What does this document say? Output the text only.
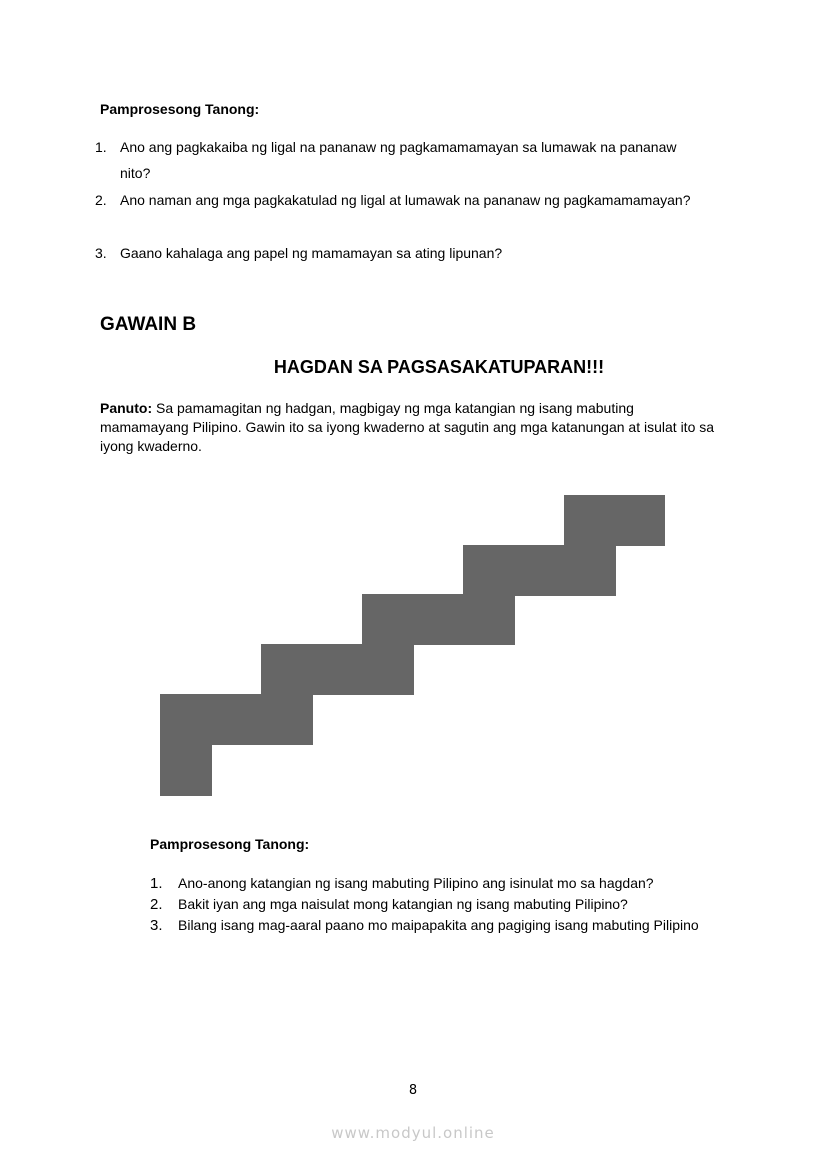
Pamprosesong Tanong:
1. Ano ang pagkakaiba ng ligal na pananaw ng pagkamamamayan sa lumawak na pananaw nito?
2. Ano naman ang mga pagkakatulad ng ligal at lumawak na pananaw ng pagkamamamayan?
3. Gaano kahalaga ang papel ng mamamayan sa ating lipunan?
GAWAIN B
HAGDAN SA PAGSASAKATUPARAN!!!
Panuto: Sa pamamagitan ng hadgan, magbigay ng mga katangian ng isang mabuting mamamayang Pilipino. Gawin ito sa iyong kwaderno at sagutin ang mga katanungan at isulat ito sa iyong kwaderno.
Pamprosesong Tanong:
1. Ano-anong katangian ng isang mabuting Pilipino ang isinulat mo sa hagdan?
2. Bakit iyan ang mga naisulat mong katangian ng isang mabuting Pilipino?
3. Bilang isang mag-aaral paano mo maipapakita ang pagiging isang mabuting Pilipino
8
www.modyul.online
